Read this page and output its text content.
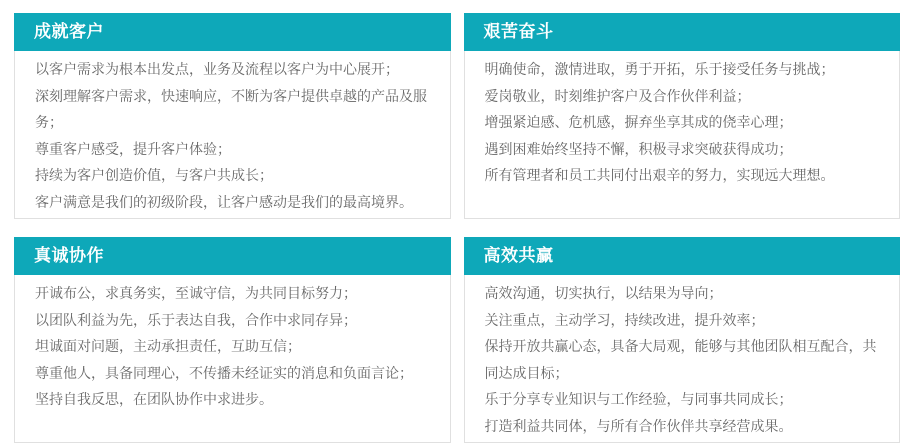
成就客户

以客户需求为根本出发点，业务及流程以客户为中心展开；

深刻理解客户需求，快速响应，不断为客户提供卓越的产品及服务；

尊重客户感受，提升客户体验；

持续为客户创造价值，与客户共成长；

客户满意是我们的初级阶段，让客户感动是我们的最高境界。

艰苦奋斗

明确使命，激情进取，勇于开拓，乐于接受任务与挑战；

爱岗敬业，时刻维护客户及合作伙伴利益；

增强紧迫感、危机感，摒弃坐享其成的侥幸心理；

遇到困难始终坚持不懈，积极寻求突破获得成功；

所有管理者和员工共同付出艰辛的努力，实现远大理想。

真诚协作

开诚布公，求真务实，至诚守信，为共同目标努力；

以团队利益为先，乐于表达自我，合作中求同存异；

坦诚面对问题，主动承担责任，互助互信；

尊重他人，具备同理心，不传播未经证实的消息和负面言论；

坚持自我反思，在团队协作中求进步。

高效共赢

高效沟通，切实执行，以结果为导向；

关注重点，主动学习，持续改进，提升效率；

保持开放共赢心态，具备大局观，能够与其他团队相互配合，共同达成目标；

乐于分享专业知识与工作经验，与同事共同成长；

打造利益共同体，与所有合作伙伴共享经营成果。
